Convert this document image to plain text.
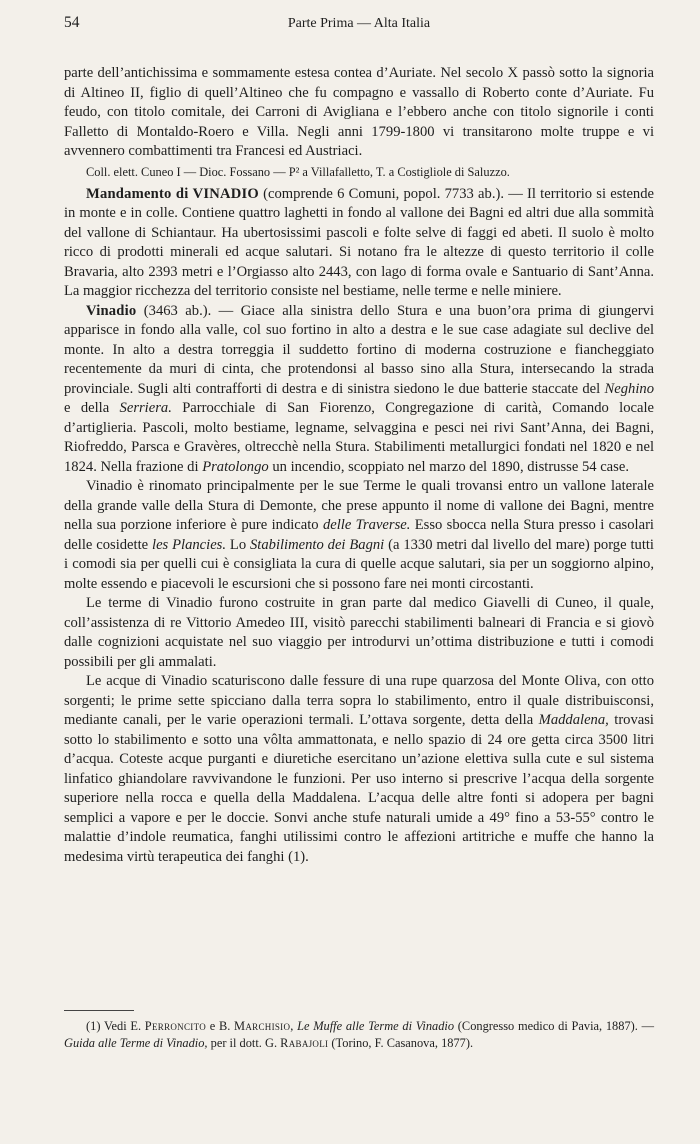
54	Parte Prima — Alta Italia

parte dell’antichissima e sommamente estesa contea d’Auriate. Nel secolo X passò sotto la signoria di Altineo II, figlio di quell’Altineo che fu compagno e vassallo di Roberto conte d’Auriate. Fu feudo, con titolo comitale, dei Carroni di Avigliana e l’ebbero anche con titolo signorile i conti Falletto di Montaldo-Roero e Villa. Negli anni 1799-1800 vi transitarono molte truppe e vi avvennero combattimenti tra Francesi ed Austriaci.

Coll. elett. Cuneo I — Dioc. Fossano — P² a Villafalletto, T. a Costigliole di Saluzzo.

Mandamento di VINADIO (comprende 6 Comuni, popol. 7733 ab.). — Il territorio si estende in monte e in colle. Contiene quattro laghetti in fondo al vallone dei Bagni ed altri due alla sommità del vallone di Schiantaur. Ha ubertosissimi pascoli e folte selve di faggi ed abeti. Il suolo è molto ricco di prodotti minerali ed acque salutari. Si notano fra le altezze di questo territorio il colle Bravaria, alto 2393 metri e l’Orgiasso alto 2443, con lago di forma ovale e Santuario di Sant’Anna. La maggior ricchezza del territorio consiste nel bestiame, nelle terme e nelle miniere.

Vinadio (3463 ab.). — Giace alla sinistra dello Stura e una buon’ora prima di giungervi apparisce in fondo alla valle, col suo fortino in alto a destra e le sue case adagiate sul declive del monte. In alto a destra torreggia il suddetto fortino di moderna costruzione e fiancheggiato recentemente da muri di cinta, che protendonsi al basso sino alla Stura, intersecando la strada provinciale. Sugli alti contrafforti di destra e di sinistra siedono le due batterie staccate del Neghino e della Serriera. Parrocchiale di San Fiorenzo, Congregazione di carità, Comando locale d’artiglieria. Pascoli, molto bestiame, legname, selvaggina e pesci nei rivi Sant’Anna, dei Bagni, Riofreddo, Parsca e Gravères, oltrecchè nella Stura. Stabilimenti metallurgici fondati nel 1820 e nel 1824. Nella frazione di Pratolongo un incendio, scoppiato nel marzo del 1890, distrusse 54 case.

Vinadio è rinomato principalmente per le sue Terme le quali trovansi entro un vallone laterale della grande valle della Stura di Demonte, che prese appunto il nome di vallone dei Bagni, mentre nella sua porzione inferiore è pure indicato delle Traverse. Esso sbocca nella Stura presso i casolari delle cosidette les Plancies. Lo Stabilimento dei Bagni (a 1330 metri dal livello del mare) porge tutti i comodi sia per quelli cui è consigliata la cura di quelle acque salutari, sia per un soggiorno alpino, molte essendo e piacevoli le escursioni che si possono fare nei monti circostanti.

Le terme di Vinadio furono costruite in gran parte dal medico Giavelli di Cuneo, il quale, coll’assistenza di re Vittorio Amedeo III, visitò parecchi stabilimenti balneari di Francia e si giovò dalle cognizioni acquistate nel suo viaggio per introdurvi un’ottima distribuzione e tutti i comodi possibili per gli ammalati.

Le acque di Vinadio scaturiscono dalle fessure di una rupe quarzosa del Monte Oliva, con otto sorgenti; le prime sette spicciano dalla terra sopra lo stabilimento, entro il quale distribuisconsi, mediante canali, per le varie operazioni termali. L’ottava sorgente, detta della Maddalena, trovasi sotto lo stabilimento e sotto una vôlta ammattonata, e nello spazio di 24 ore getta circa 3500 litri d’acqua. Coteste acque purganti e diuretiche esercitano un’azione elettiva sulla cute e sul sistema linfatico ghiandolare ravvivandone le funzioni. Per uso interno si prescrive l’acqua della sorgente superiore nella rocca e quella della Maddalena. L’acqua delle altre fonti si adopera per bagni semplici a vapore e per le doccie. Sonvi anche stufe naturali umide a 49° fino a 53-55° contro le malattie d’indole reumatica, fanghi utilissimi contro le affezioni artitriche e muffe che hanno la medesima virtù terapeutica dei fanghi (1).

(1) Vedi E. Perroncito e B. Marchisio, Le Muffe alle Terme di Vinadio (Congresso medico di Pavia, 1887). — Guida alle Terme di Vinadio, per il dott. G. Rabajoli (Torino, F. Casanova, 1877).
